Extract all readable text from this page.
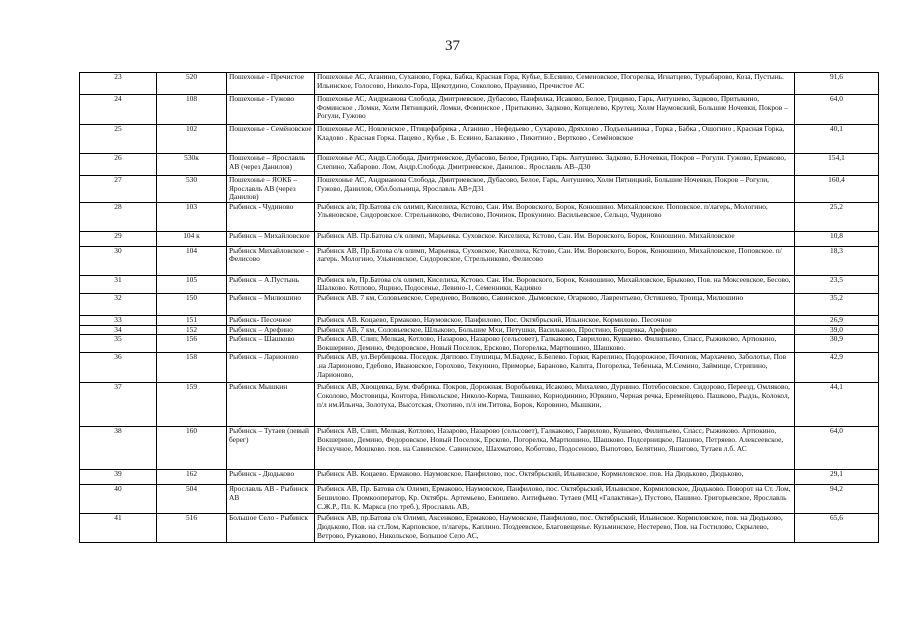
37
23	520	Пошехонье - Пречистое	Пошехонье АС, Аганино, Суханово, Горка, Бабка, Красная Гора, Кубье, Б.Есяино, Семеновское, Погорелка, Игнатцево, Турыбарово, Коза, Пустынь. Ильинское, Голосово, Николо-Гора, Щекотдино, Соколово, Праунино, Пречистое АС	91,6	
24	108	Пошехонье - Гужово	Пошехонье АС, Андрианова Слобода, Дмитриевское, Дубасово, Панфилка, Исаково, Белое, Гридино, Гарь, Антушево, Задково, Притыкино, Фоминское , Ломки, Холм Пятницкий, Ломки, Фоминское , Притыкино, Задково, Копцелево, Крутец, Холм Наумовский, Большие Ночевки, Покров – Рогули, Гужово	64,0	
25	102	Пошехонье - Семёновское	Пошехонье АС, Новленское , Птицефабрика , Аганино , Нефедьево , Сухарово, Дряхлово , Подъельнинка , Горка , Бабка , Ошогино , Красная Горка, Кладово . Красная Горка. Пацево , Кубье , Б. Есяино, Балакино , Пикитино , Вертково , Семёновское	40,1	
26	530к	Пошехонье – Ярославль АВ (через Данилов)	Пошехонье АС, Андр.Слобода, Дмитриевское, Дубасово, Белое, Гридино, Гарь. Антушево. Задково, Б.Ночевки, Покров – Рогули. Гужово, Ермаково, Слепино, Хабарово. Лом, Андр.Слобода. Дмитриевское, Данилов.. Ярославль АВ–Д30	154,1	
27	530	Пошехонье – ЯОКБ – Ярославль АВ (через Данилов)	Пошехонье АС, Андрианова Слобода, Дмитриевское, Дубасово, Белое, Гарь, Антушево, Холм Пятницкий, Большие Ночевки, Покров – Рогули, Гужово, Данилов, Обл.больница, Ярославль АВ+Д31	160,4	
28	103	Рыбинск - Чудиново	Рыбинск а/в, Пр.Батова с/к олимп, Киселиха, Кстово, Сан. Им. Воровского, Борок, Конюшино. Михайловское. Поповское. п/лагерь, Мологино, Ульяновское, Сидоровское. Стрельниково, Фелисово, Починок, Прокунино. Васильевское, Сельцо, Чудиново	25,2	
29	104 к	Рыбинск – Михайловское	Рыбинск АВ. Пр.Батова с/к олимп, Марьевка. Суховское. Киселиха, Кстово, Сан. Им. Воровского, Борок, Конюшино. Михайловское	10,8	
30	104	Рыбинск Михайловское - Фелисово	Рыбинск АВ, Пр.Батова с/к олимп, Марьевка, Суховское, Киселиха, Кстово, Сан. Им. Воровского, Борок, Конюшино, Михайловское, Поповское. п/лагерь. Мологино, Ульяновское, Сидоровское, Стрельниково, Фелисово	18,3	
31	105	Рыбинск – А.Пустынь	Рыбинск в/в, Пр.Батова с/к олимп, Киселиха, Кстово. Сан. Им. Воровского, Борок, Конюшино, Михайловское, Брыково, Пов. на Моксеевское, Бесово, Шалково. Котлово, Ящино, Подосенье, Левино-1, Семенники, Кадияно	23,5	
32	150	Рыбинск – Милюшино	Рыбинск АВ. 7 км, Соловьевское, Середнево, Волково, Савинское. Дымовское, Огарково, Лаврентьево, Остишево, Троица, Милюшино	35,2	
33	151	Рыбинск- Песочное	Рыбинск АВ. Коцаево, Ермаково, Наумовское, Панфилово, Пос. Октябрьский, Ильинское, Кормилово. Песочное	26,9	
34	152	Рыбинск – Арефино	Рыбинск АВ, 7 км, Соловьевское, Шлыково, Большие Мхи, Петушки, Васильково, Простино, Борщевка, Арефино	39,0	
35	156	Рыбинск – Шашково	Рыбинск АВ. Слип, Мелкая, Котлово, Назарово, Назарово (сельсовет), Галкаково, Гаврилово, Кушаево. Филипьево, Спасс, Рыжиково, Артюкино, Вокшерино, Демино, Федоровское, Новый Поселок, Ерсково, Погорелка, Мартюшино, Шашково.	30,9	
36	158	Рыбинск – Ларионово	Рыбинск АВ, ул.Вербицкова. Поседок. Дягпово. Глушицы, М.Баденс, Б.Белево. Горки, Карелино, Подорожное, Починок, Мархачево, Заболотье, Пов .на Ларионово, Гдебово, Ивановское, Горохово, Текунино, Приморье, Бараново, Калита, Погорелка, Тебенька, М.Семино, Займище, Стрипино, Ларионово,	42,9	
37	159	Рыбинск Мышкин	Рыбинск АВ, Хвощевка, Бум. Фабрика. Покров, Дорожная. Воробьевка, Исаково, Михалево, Дурнино. Потебосовское. Сидорово, Переезд, Омляково, Соколово, Мостовицы, Контора, Никольское, Николо-Корма, Тишкино, Корнодинино, Юркино, Черная речка, Еремейцево. Пашково, Рыдзь, Колокол, п/л им.Ильича, Золотуха, Высотская, Охотино, п/л им.Титова, Борок, Коровино, Мышкин,	44,1	
38	160	Рыбинск – Тутаев (левый берег)	Рыбинск АВ, Слип, Мелкая, Котлово, Назарово, Назарово (сельсовет), Галкаково, Гаврилово, Кушаево, Филипьево, Спасс, Рыжиково. Артюкино, Вокшерино, Демино, Федоровское, Новый Поселок, Ерсково, Погорелка, Мартюшино, Шашково. Подсерницкое, Пашино, Петряево. Алексеевское, Нескучное, Мошково. пов. на Савинское. Савинское, Шахматово, Коботово, Подосеново, Выпотово, Белятино, Яшигово, Тутаев л.б. АС	64,0	
39	162	Рыбинск - Дюдьково	Рыбинск АВ. Коцаево. Ермаково. Наумовское, Панфилово, пос. Октябрьский, Ильинское, Кормиловское. пов. На Дюдьково, Дюдьково,	29,1	
40	504	Ярославль АВ - Рыбинск АВ	Рыбинск АВ, Пр. Батова с/к Олимп, Ермаково, Наумовское, Панфилово, пос. Октябрьский, Ильинское, Кормиловское, Дюдьково. Поворот на Ст. Лом, Бешилово. Промкооператор, Кр. Октябрь. Артемьево, Емишево. Антифьево. Тутаев (МЦ «Галактика»), Пустово, Пашино. Григорьевское, Ярославль С.Ж.Р., Пл. К. Маркса (по треб.), Ярославль АВ,	94,2	
41	516	Большое Село - Рыбинск	Рыбинск АВ, пр.Батова с/к Олимп, Аксенково, Ермаково, Наумовское, Панфилово, пос. Октябрьский, Ильинское. Кормиловское, пов. на Дюдьково, Дюдьково, Пов. на ст.Лом, Карповское, п/лагерь, Каплино. Поздеевское, Благовещенье. Кузьминское, Нестерево, Пов. на Гостилово, Скрылево, Ветрово, Рукавово, Никольское, Большое Село АС,	65,6	
